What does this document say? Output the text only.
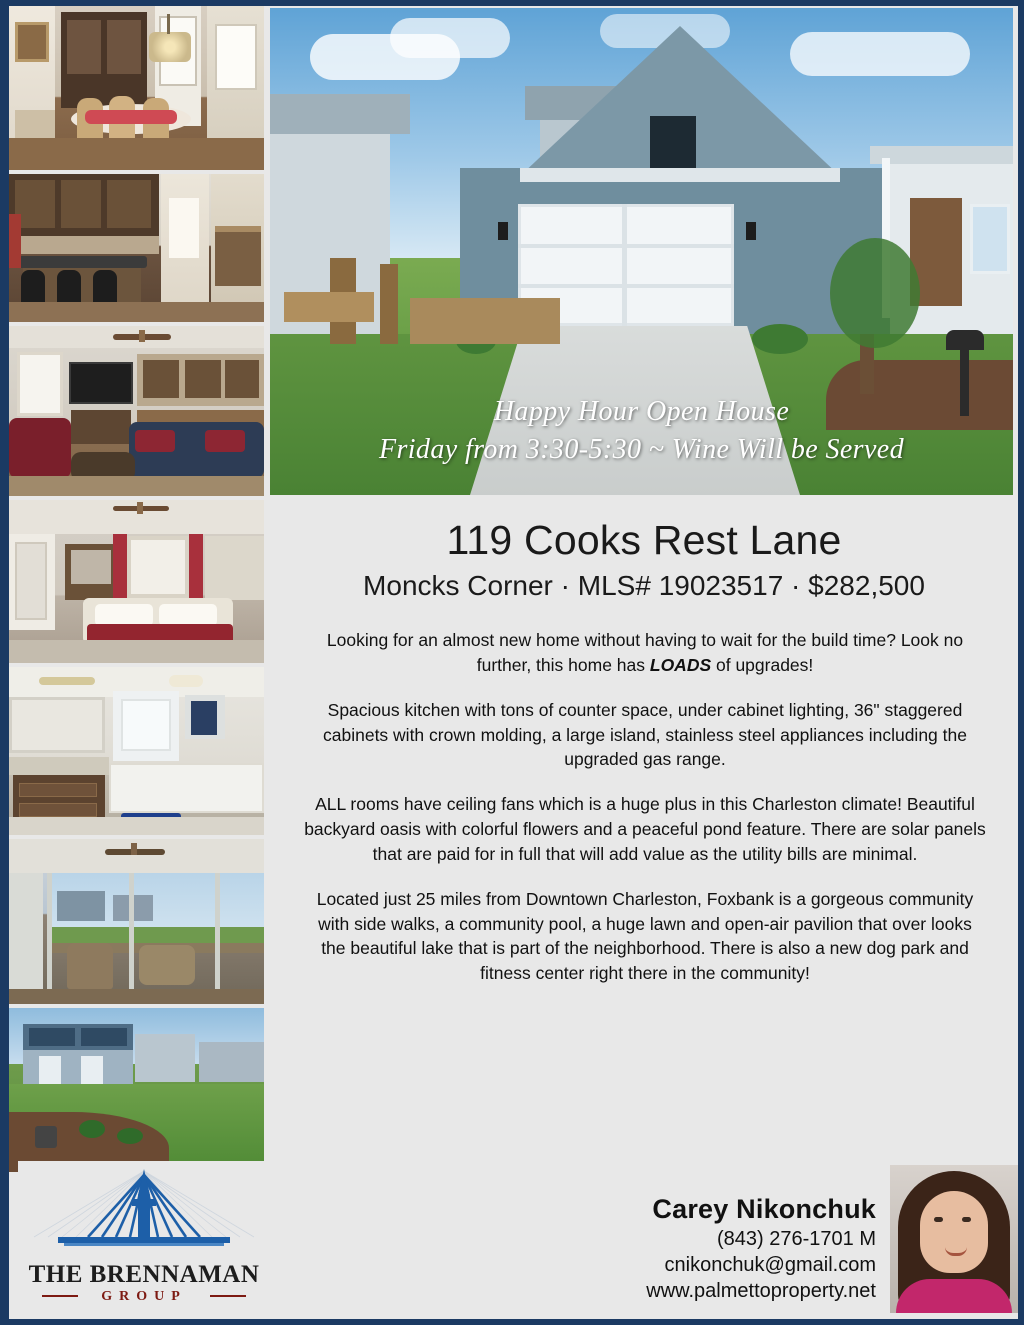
Happy Hour Open House
Friday from 3:30-5:30 ~ Wine Will be Served
119 Cooks Rest Lane
Moncks Corner · MLS# 19023517 · $282,500

Looking for an almost new home without having to wait for the build time? Look no further, this home has LOADS of upgrades!

Spacious kitchen with tons of counter space, under cabinet lighting, 36" staggered cabinets with crown molding, a large island, stainless steel appliances including the upgraded gas range.

ALL rooms have ceiling fans which is a huge plus in this Charleston climate! Beautiful backyard oasis with colorful flowers and a peaceful pond feature. There are solar panels that are paid for in full that will add value as the utility bills are minimal.

Located just 25 miles from Downtown Charleston, Foxbank is a gorgeous community with side walks, a community pool, a huge lawn and open-air pavilion that over looks the beautiful lake that is part of the neighborhood. There is also a new dog park and fitness center right there in the community!

Carey Nikonchuk
(843) 276-1701 M
cnikonchuk@gmail.com
www.palmettoproperty.net
THE BRENNAMAN
GROUP
